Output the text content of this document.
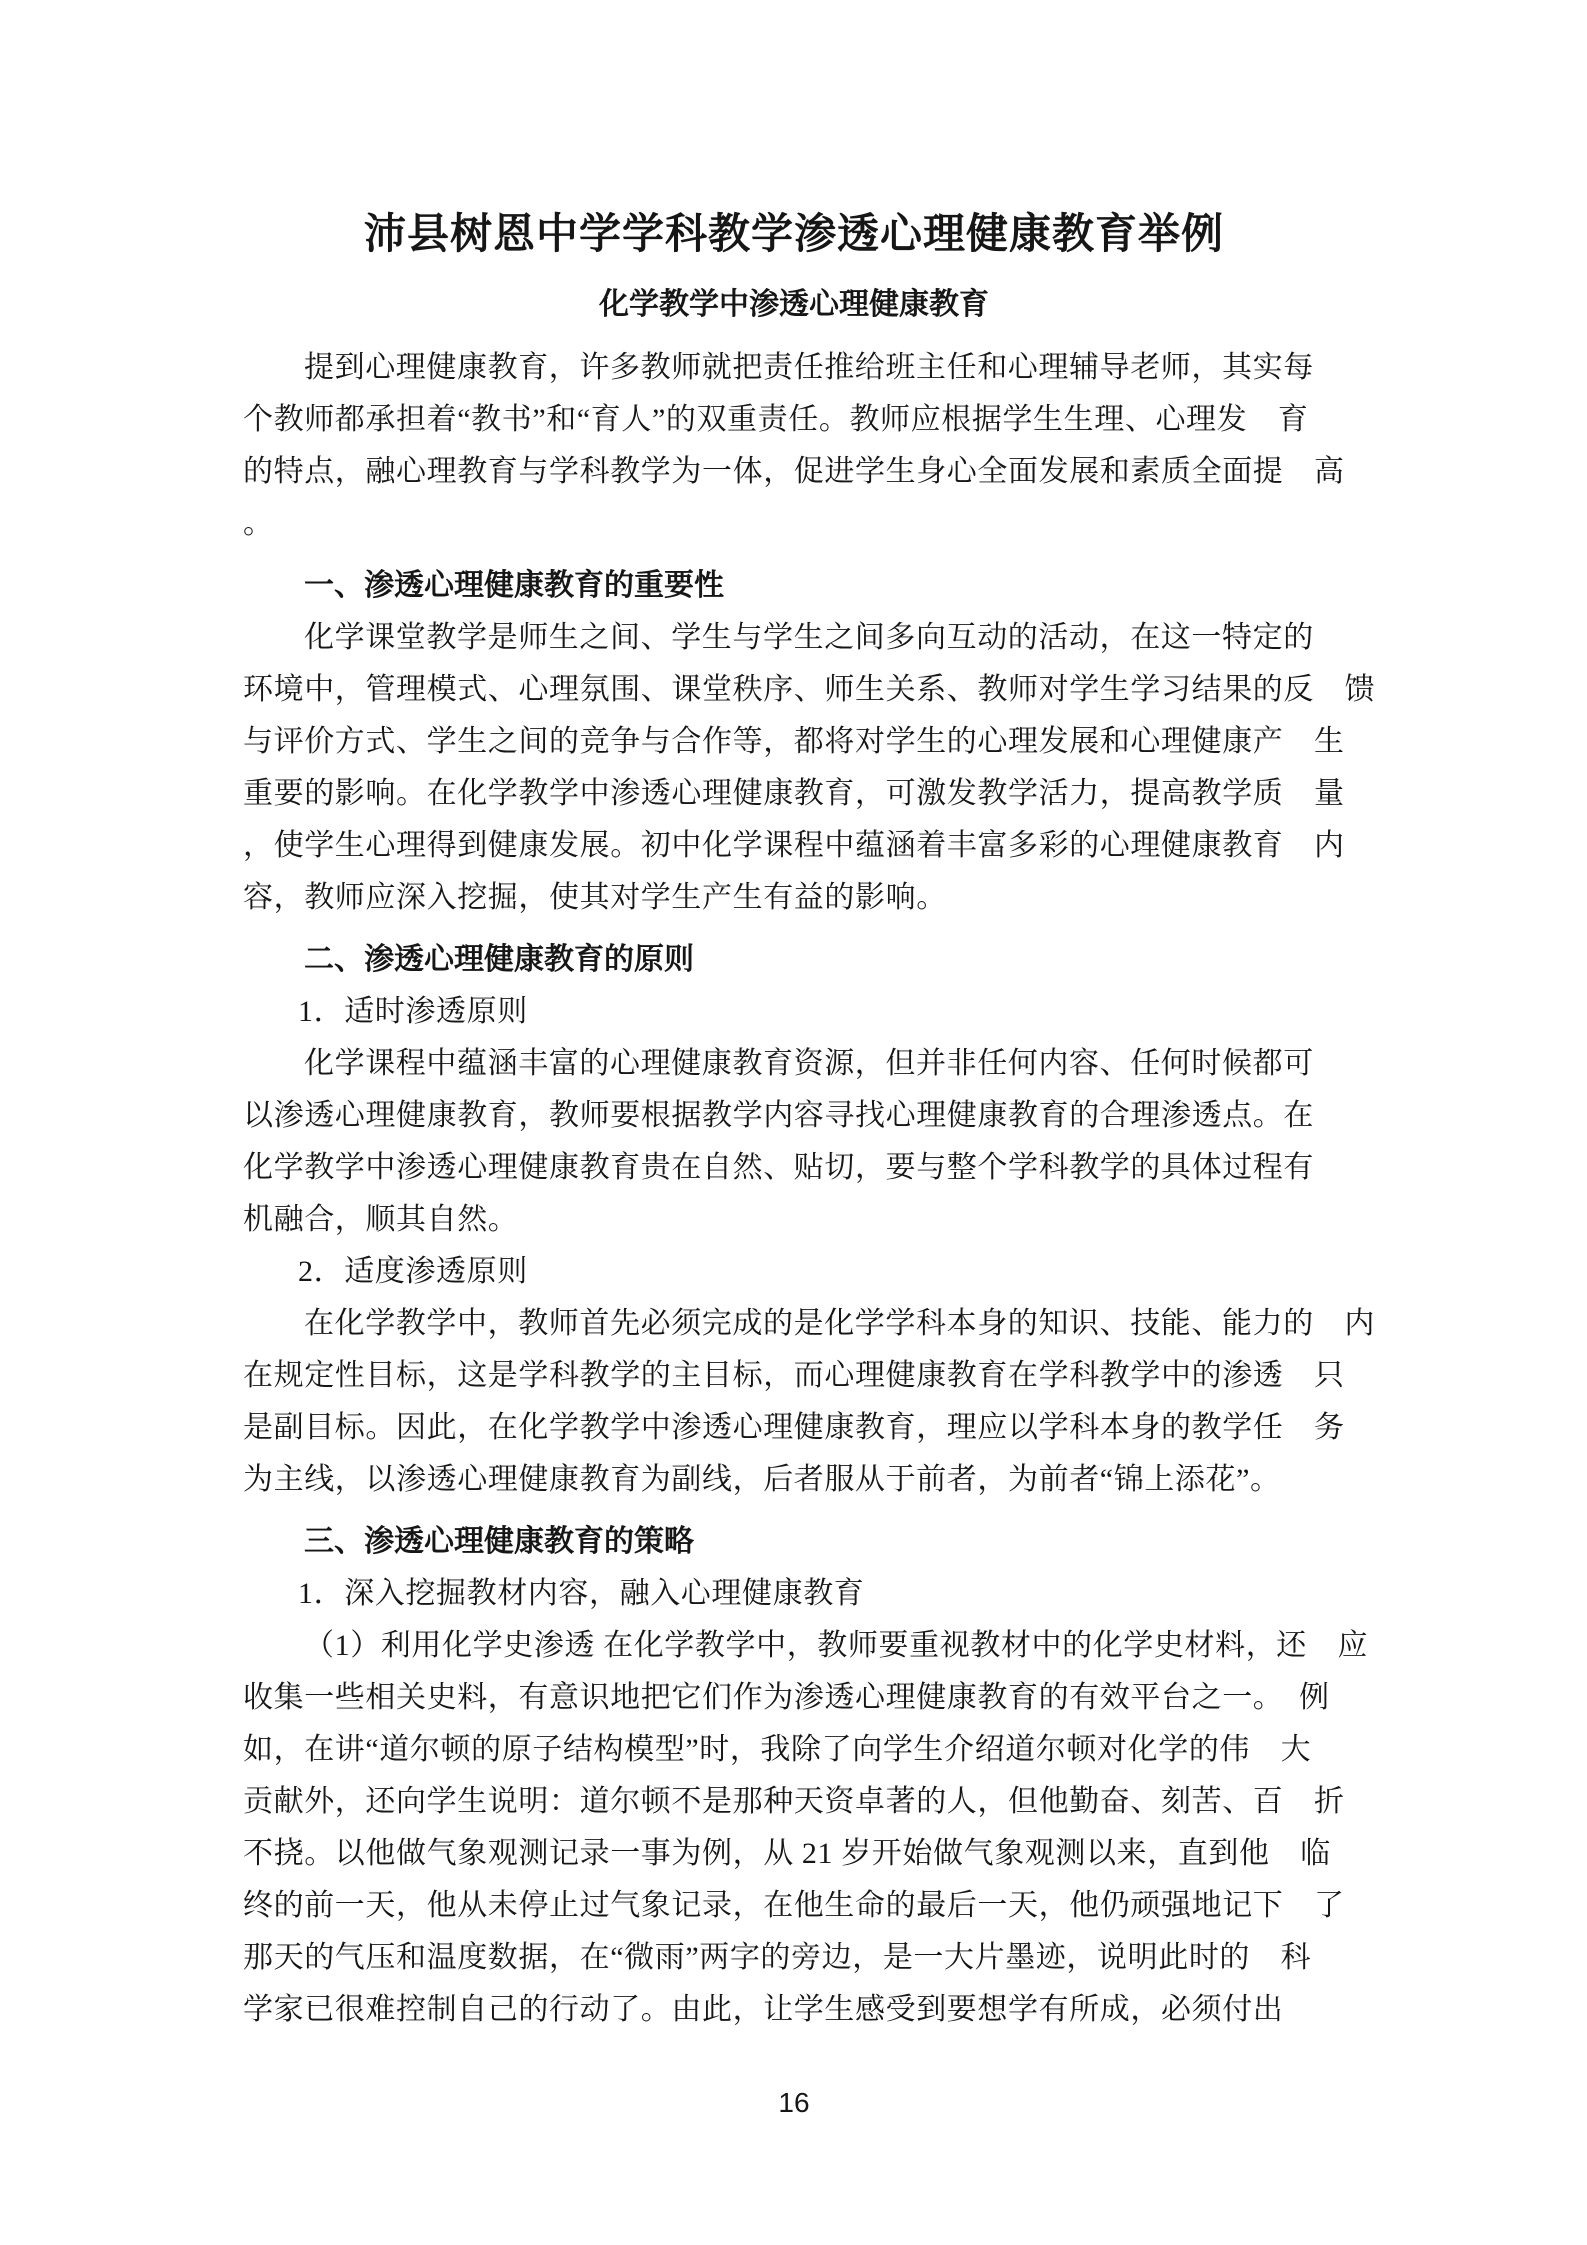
沛县树恩中学学科教学渗透心理健康教育举例
化学教学中渗透心理健康教育
提到心理健康教育，许多教师就把责任推给班主任和心理辅导老师，其实每
个教师都承担着“教书”和“育人”的双重责任。教师应根据学生生理、心理发　育
的特点，融心理教育与学科教学为一体，促进学生身心全面发展和素质全面提　高
。
一、渗透心理健康教育的重要性
化学课堂教学是师生之间、学生与学生之间多向互动的活动，在这一特定的
环境中，管理模式、心理氛围、课堂秩序、师生关系、教师对学生学习结果的反　馈
与评价方式、学生之间的竞争与合作等，都将对学生的心理发展和心理健康产　生
重要的影响。在化学教学中渗透心理健康教育，可激发教学活力，提高教学质　量
，使学生心理得到健康发展。初中化学课程中蕴涵着丰富多彩的心理健康教育　内
容，教师应深入挖掘，使其对学生产生有益的影响。
二、渗透心理健康教育的原则
1．适时渗透原则
化学课程中蕴涵丰富的心理健康教育资源，但并非任何内容、任何时候都可
以渗透心理健康教育，教师要根据教学内容寻找心理健康教育的合理渗透点。在
化学教学中渗透心理健康教育贵在自然、贴切，要与整个学科教学的具体过程有
机融合，顺其自然。
2．适度渗透原则
在化学教学中，教师首先必须完成的是化学学科本身的知识、技能、能力的　内
在规定性目标，这是学科教学的主目标，而心理健康教育在学科教学中的渗透　只
是副目标。因此，在化学教学中渗透心理健康教育，理应以学科本身的教学任　务
为主线，以渗透心理健康教育为副线，后者服从于前者，为前者“锦上添花”。
三、渗透心理健康教育的策略
1．深入挖掘教材内容，融入心理健康教育
（1）利用化学史渗透 在化学教学中，教师要重视教材中的化学史材料，还　应
收集一些相关史料，有意识地把它们作为渗透心理健康教育的有效平台之一。　例
如，在讲“道尔顿的原子结构模型”时，我除了向学生介绍道尔顿对化学的伟　大
贡献外，还向学生说明：道尔顿不是那种天资卓著的人，但他勤奋、刻苦、百　折
不挠。以他做气象观测记录一事为例，从 21 岁开始做气象观测以来，直到他　临
终的前一天，他从未停止过气象记录，在他生命的最后一天，他仍顽强地记下　了
那天的气压和温度数据，在“微雨”两字的旁边，是一大片墨迹，说明此时的　科
学家已很难控制自己的行动了。由此，让学生感受到要想学有所成，必须付出
16
